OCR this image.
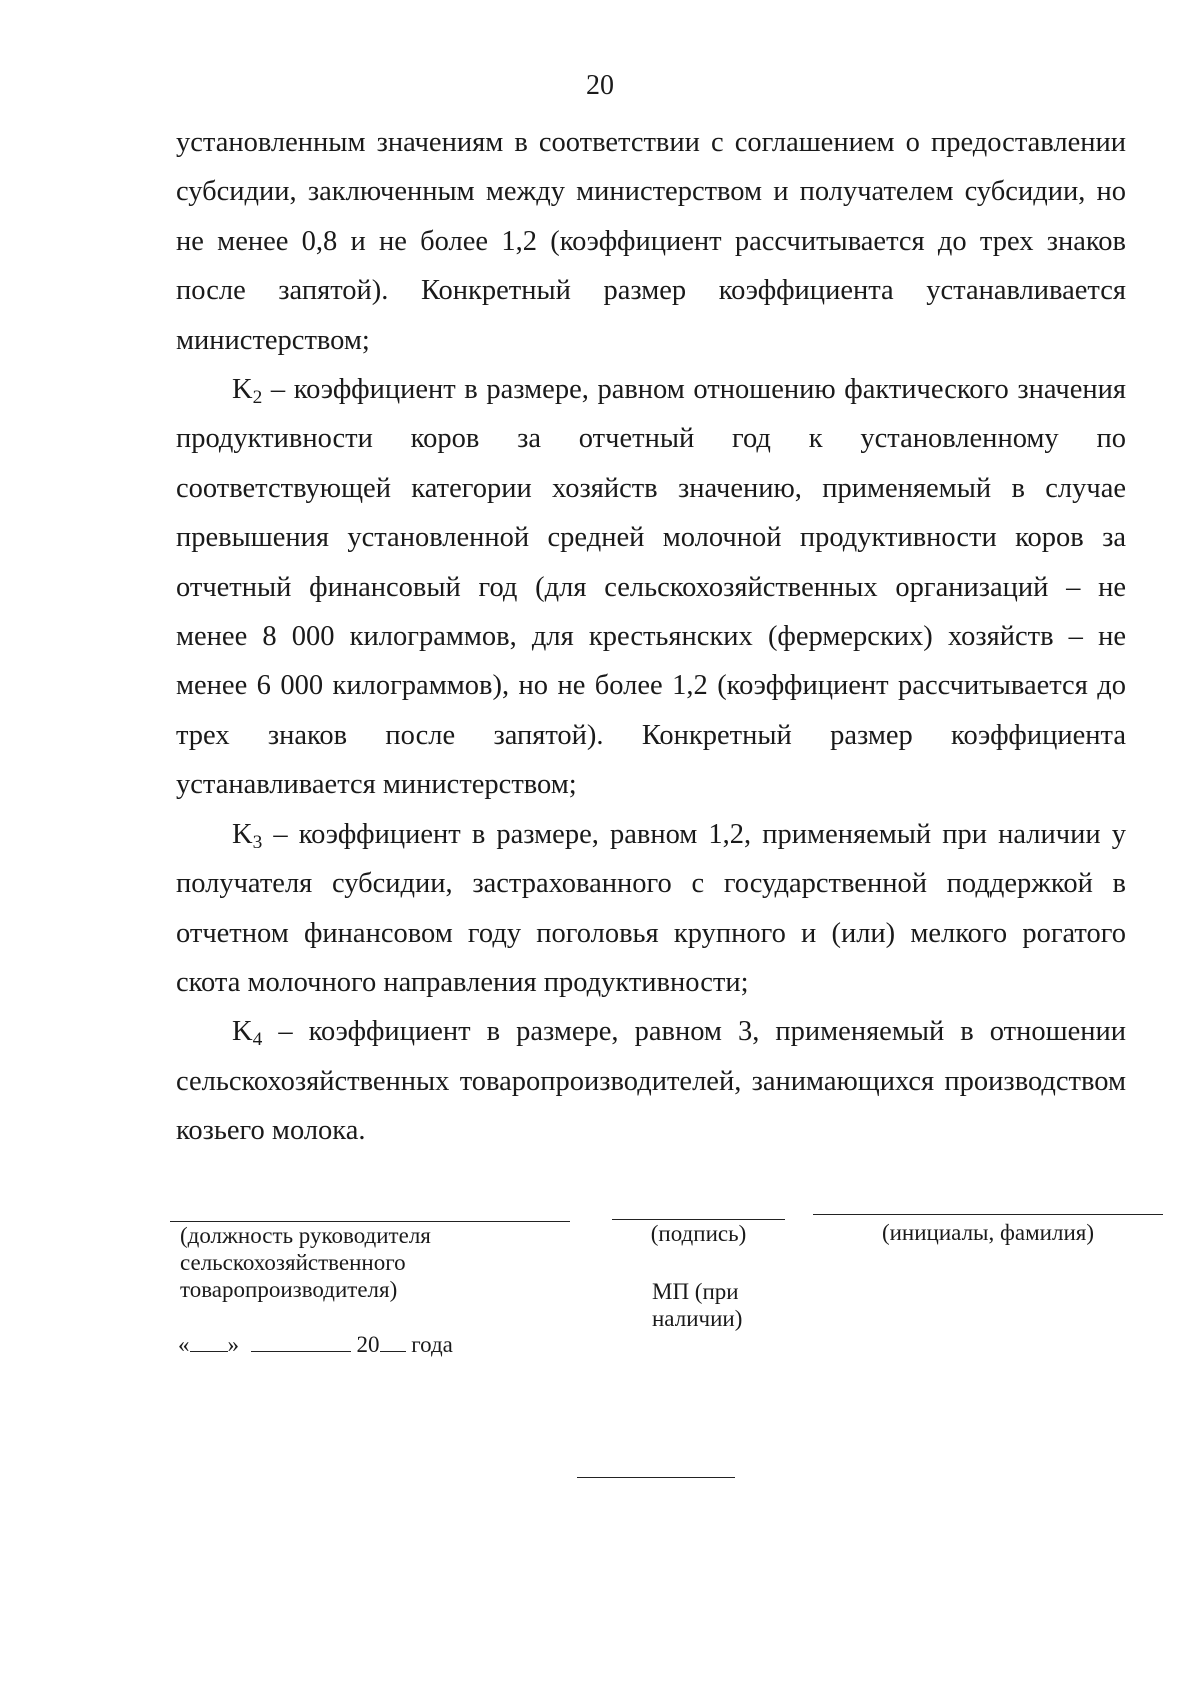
20

установленным значениям в соответствии с соглашением о предоставлении субсидии, заключенным между министерством и получателем субсидии, но не менее 0,8 и не более 1,2 (коэффициент рассчитывается до трех знаков после запятой). Конкретный размер коэффициента устанавливается министерством;

$K_2$ – коэффициент в размере, равном отношению фактического значения продуктивности коров за отчетный год к установленному по соответствующей категории хозяйств значению, применяемый в случае превышения установленной средней молочной продуктивности коров за отчетный финансовый год (для сельскохозяйственных организаций – не менее 8 000 килограммов, для крестьянских (фермерских) хозяйств – не менее 6 000 килограммов), но не более 1,2 (коэффициент рассчитывается до трех знаков после запятой). Конкретный размер коэффициента устанавливается министерством;

$K_3$ – коэффициент в размере, равном 1,2, применяемый при наличии у получателя субсидии, застрахованного с государственной поддержкой в отчетном финансовом году поголовья крупного и (или) мелкого рогатого скота молочного направления продуктивности;

$K_4$ – коэффициент в размере, равном 3, применяемый в отношении сельскохозяйственных товаропроизводителей, занимающихся производством козьего молока.

(должность руководителя
сельскохозяйственного
товаропроизводителя)
(подпись)	(инициалы, фамилия)
МП (при
наличии)
« »	20 года
